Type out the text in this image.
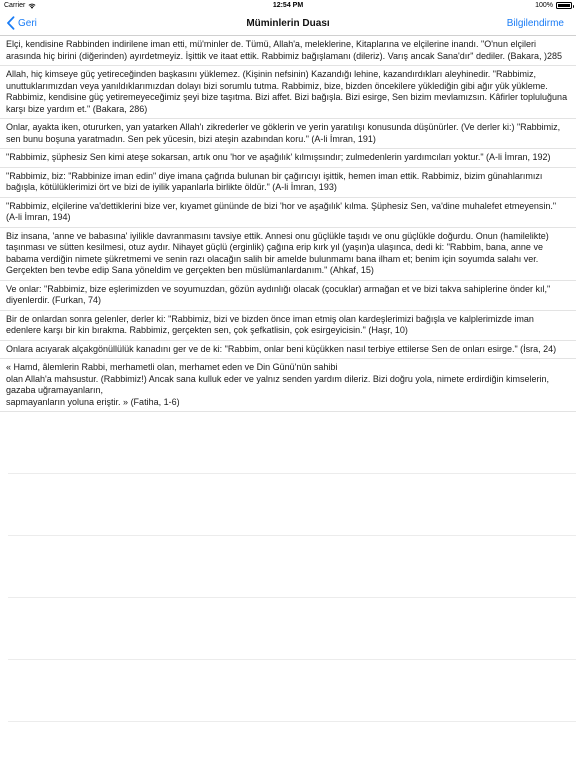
Carrier	12:54 PM	100%
Geri	Müminlerin Duası	Bilgilendirme
Elçi, kendisine Rabbinden indirilene iman etti, mü'minler de. Tümü, Allah'a, meleklerine, Kitaplarına ve elçilerine inandı. "O'nun elçileri arasında hiç birini (diğerinden) ayırdetmeyiz. İşittik ve itaat ettik. Rabbimiz bağışlamanı (dileriz). Varış ancak Sana'dır" dediler. (Bakara, )285
Allah, hiç kimseye güç yetireceğinden başkasını yüklemez. (Kişinin nefsinin) Kazandığı lehine, kazandırdıkları aleyhinedir. "Rabbimiz, unuttuklarımızdan veya yanıldıklarımızdan dolayı bizi sorumlu tutma. Rabbimiz, bize, bizden öncekilere yüklediğin gibi ağır yük yükleme. Rabbimiz, kendisine güç yetiremeyeceğimiz şeyi bize taşıtma. Bizi affet. Bizi bağışla. Bizi esirge, Sen bizim mevlamızsın. Kâfirler topluluğuna karşı bize yardım et." (Bakara, 286)
Onlar, ayakta iken, otururken, yan yatarken Allah'ı zikrederler ve göklerin ve yerin yaratılışı konusunda düşünürler. (Ve derler ki:) "Rabbimiz, sen bunu boşuna yaratmadın. Sen pek yücesin, bizi ateşin azabından koru." (A-li İmran, 191)
"Rabbimiz, şüphesiz Sen kimi ateşe sokarsan, artık onu 'hor ve aşağılık' kılmışsındır; zulmedenlerin yardımcıları yoktur." (A-li İmran, 192)
"Rabbimiz, biz: "Rabbinize iman edin" diye imana çağrıda bulunan bir çağırıcıyı işittik, hemen iman ettik. Rabbimiz, bizim günahlarımızı bağışla, kötülüklerimizi ört ve bizi de iyilik yapanlarla birlikte öldür." (A-li İmran, 193)
"Rabbimiz, elçilerine va'dettiklerini bize ver, kıyamet gününde de bizi 'hor ve aşağılık' kılma. Şüphesiz Sen, va'dine muhalefet etmeyensin." (A-li İmran, 194)
Biz insana, 'anne ve babasına' iyilikle davranmasını tavsiye ettik. Annesi onu güçlükle taşıdı ve onu güçlükle doğurdu. Onun (hamilelikte) taşınması ve sütten kesilmesi, otuz aydır. Nihayet güçlü (erginlik) çağına erip kırk yıl (yaşın)a ulaşınca, dedi ki: "Rabbim, bana, anne ve babama verdiğin nimete şükretmemi ve senin razı olacağın salih bir amelde bulunmamı bana ilham et; benim için soyumda salahı ver. Gerçekten ben tevbe edip Sana yöneldim ve gerçekten ben müslümanlardanım." (Ahkaf, 15)
Ve onlar: "Rabbimiz, bize eşlerimizden ve soyumuzdan, gözün aydınlığı olacak (çocuklar) armağan et ve bizi takva sahiplerine önder kıl," diyenlerdir. (Furkan, 74)
Bir de onlardan sonra gelenler, derler ki: "Rabbimiz, bizi ve bizden önce iman etmiş olan kardeşlerimizi bağışla ve kalplerimizde iman edenlere karşı bir kin bırakma. Rabbimiz, gerçekten sen, çok şefkatlisin, çok esirgeyicisin." (Haşr, 10)
Onlara acıyarak alçakgönüllülük kanadını ger ve de ki: "Rabbim, onlar beni küçükken nasıl terbiye ettilerse Sen de onları esirge." (İsra, 24)
« Hamd, âlemlerin Rabbi, merhametli olan, merhamet eden ve Din Günü'nün sahibi
olan Allah'a mahsustur. (Rabbimiz!) Ancak sana kulluk eder ve yalnız senden yardım dileriz. Bizi doğru yola, nimete erdirdiğin kimselerin, gazaba uğramayanların,
sapmayanların yoluna eriştir. » (Fatiha, 1-6)
